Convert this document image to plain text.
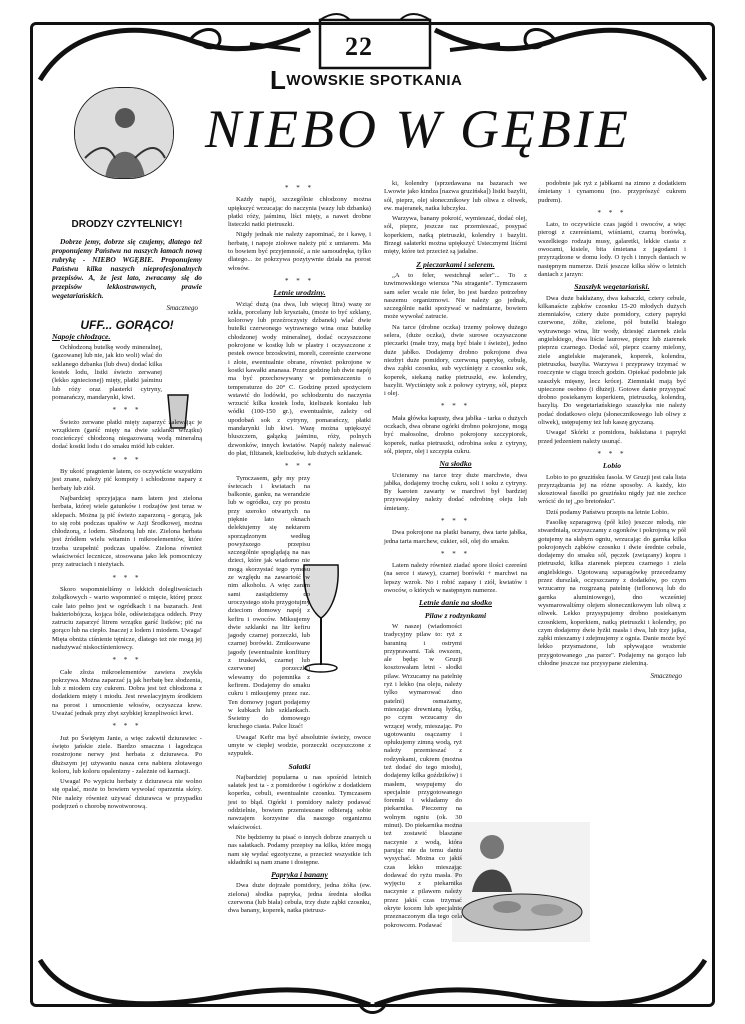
22
LWOWSKIE SPOTKANIA
NIEBO W GĘBIE
DRODZY CZYTELNICY!

Dobrze jemy, dobrze się czujemy, dlatego też proponujemy Państwu na naszych łamach nową rubrykę - NIEBO WGĘBIE. Proponujemy Państwu kilka naszych nieprofesjonalnych przepisów. A, że jest lato, zwracamy się do przepisów lekkostrawnych, prawie wegetariańskich.

Smacznego
UFF... GORĄCO!
Napoje chłodzące.

Ochłodzoną butelkę wody mineralnej, (gazowanej lub nie, jak kto woli) wlać do szklanego dzbanka (lub dwu) dodać kilka kostek lodu, listki świeżo zerwanej (lekko zgniecionej) mięty, płatki jaśminu lub róży oraz plasterki cytryny, pomarańczy, mandarynki, kiwi.

* * *

Świeżo zerwane płatki mięty zaparzyć zalewając je wrzątkiem (garść mięty na dwie szklanki wrzątku) rozcieńczyć chłodzoną niegazowaną wodą mineralną dodać kostki lodu i do smaku miód lub cukier.

* * *

By ukoić pragnienie latem, co oczywiście wszystkim jest znane, należy pić kompoty i schłodzone napary z herbaty lub ziół.

Najbardziej sprzyjająca nam latem jest zielona herbata, której wiele gatunków i rodzajów jest teraz w sklepach. Można ją pić świeżo zaparzoną - gorącą, jak to się robi podczas upałów w Azji Środkowej, można chłodzoną, z lodem. Słodzoną lub nie. Zielona herbata jest źródłem wielu witamin i mikroelementów, które trzeba uzupełnić podczas upałów. Zielona również właściwości lecznicze, stosowana jako lek pomocniczy przy zatruciach i nieżytach.

* * *

Skoro wspomnieliśmy o lekkich dolegliwościach żołądkowych - warto wspomnieć o mięcie, której przez całe lato pełno jest w ogródkach i na bazarach. Jest bakteriobójcza, kojąca bóle, odświeżająca oddech. Przy zatruciu zaparzyć litrem wrzątku garść listków; pić na gorąco lub na ciepło. Inaczej z lodem i miodem. Uwaga! Mięta obniża ciśnienie tętnicze, dlatego też nie mogą jej nadużywać niskociśnieniowcy.

* * *

Całe złoża mikroelementów zawiera zwykła pokrzywa. Można zaparzać ją jak herbatę bez słodzenia, lub z miodem czy cukrem. Dobra jest też chłodzona z dodatkiem mięty i miodu. Jest rewelacyjnym środkiem na porost i umocnienie włosów, oczyszcza krew. Uważać jednak przy zbyt szybkiej krzepliwości krwi.

* * *

Już po Świętym Janie, a więc zakwitł dziurawiec - święto jańskie ziele. Bardzo smaczna i łagodząca rozstrojone nerwy jest herbata z dziurawca. Po dłuższym jej używaniu nasza cera nabiera złotawego koloru, lub koloru opalenizny - zależnie od karnacji.

Uwaga! Po wypiciu herbaty z dziurawca nie wolno się opalać, może to bowiem wywołać oparzenia skóry. Nie należy również używać dziurawca w przypadku podejrzeń o chorobę nowotworową.

* * *

Każdy napój, szczególnie chłodzony można upiększyć wrzucając do naczynia (wazy lub dzbanka) płatki róży, jaśminu, liści mięty, a nawet drobne listeczki natki pietruszki.

Nigdy jednak nie należy zapominać, że i kawę, i herbatę, i napoje ziołowe należy pić z umiarem. Ma to bowiem być przyjemność, a nie samoudręka, tylko dlatego... że pokrzywa pozytywnie działa na porost włosów.

* * *
Letnie urodziny.

Wziąć dużą (na dwa, lub więcej litra) wazę ze szkła, porcelany lub kryształu, (może to być szklany, kolorowy lub przeźroczysty dzbanek) wlać dwie butelki czerwonego wytrawnego wina oraz butelkę chłodzonej wody mineralnej, dodać oczyszczone pokrojone w kostkę lub w plastry i oczyszczone z pestek owoce brzoskwini, moreli, czereśnie czerwone i złote, ewentualnie obrane, również pokrojone w kostki kawałki ananasa. Przez godzinę lub dwie napój ma być przechowywany w pomieszczeniu o temperaturze do 20° C. Godzinę przed spożyciem wstawić do lodówki, po schłodzeniu do naczynia wrzucić kilka kostek lodu, kieliszek koniaku lub wódki (100-150 gr.), ewentualnie, zależy od upodobań sok z cytryny, pomarańczy, płatki mandarynki lub kiwi. Wazę można upiększyć bluszczem, gałązką jaśminu, róży, polnych dzwonków, innych kwiatów. Napój należy nalewać do płat, filiżanek, kieliszków, lub dużych szklanek.

* * *

Tymczasem, gdy my przy świecach i kwiatach na balkonie, ganku, na werandzie lub w ogródku, czy po prostu przy szeroko otwartych na pięknie lato oknach delektujemy się nektarem sporządzonym według powyższego przepisu szczególnie spoglądają na nas dzieci, które jak wiadomo nie mogą skorzystać tego rymesu ze względu na zawartość w nim alkoholu. A więc zanim sami zasiądziemy do uroczystego stołu przygotujmy dzieciom domowy napój z kefiru i owoców. Miksujemy dwie szklanki na litr kefiru jagody czarnej porzeczki, lub czarnej borówki. Zmiksowane jagody (ewentualnie konfitury z truskawki, czarnej lub czerwonej porzeczki) wlewamy do pojemnika z kefirem. Dodajemy do smaku cukru i miksujemy przez raz. Ten domowy jogurt podajemy w kubkach lub szklankach. Świetny do domowego kruchego ciasta. Palce lizać!

Uwaga! Kefir ma być absolutnie świeży, owoce umyte w ciepłej wodzie, porzeczki oczyszczone z szypułek.

Sałatki

Najbardziej popularna u nas spośród letnich sałatek jest ta - z pomidorów i ogórków z dodatkiem koperku, cebuli, ewentualnie czosnku. Tymczasem jest to błąd. Ogórki i pomidory należy podawać oddzielnie, bowiem przemieszane odbierają sobie nawzajem korzystne dla naszego organizmu właściwości.

Nie będziemy tu pisać o innych dobrze znanych u nas sałatkach. Podamy przepisy na kilka, które mogą nam się wydać egzotyczne, a przecież wszystkie ich składniki są nam znane i dostępne.

Papryka i banany

Dwa duże dojrzałe pomidory, jedna żółta (ew. zielona) słodka papryka, jedna średnia słodka czerwona (lub biała) cebula, trzy duże ząbki czosnku, dwa banany, koperek, natka pietrusz-

ki, kolendry (sprzedawana na bazarach we Lwowie jako kindza [nazwa gruzińska]) listki bazylii, sól, pieprz, olej słonecznikowy lub oliwa z oliwek, ew. majeranek, natka lubczyku.

Warzywa, banany pokroić, wymieszać, dodać olej, sól, pieprz, jeszcze raz przemieszać, posypać koperkiem, natką pietruszki, kolendry i bazylii. Brzegi sałaterki można upiększyć Ustecznymi liśćmi mięty, które też przecież są jadalne.

Z pieczarkami i selerem.

„A to feler, westchnął seler"... To z tuwimowskiego wiersza "Na straganie". Tymczasem sam seler wcale nie feler, bo jest bardzo potrzebny naszemu organizmowi. Nie należy go jednak, szczególnie natki spożywać w nadmiarze, bowiem może wywołać zatrucie.

Na tarce (drobne oczka) trzemy połowę dużego selera, (duże oczka), dwie surowe oczyszczone pieczarki (małe trzy, mają być białe i świeże), jedno duże jabłko. Dodajemy drobno pokrojone dwa niezbyt duże pomidory, czerwoną paprykę, cebulę, dwa ząbki czosnku, sub wyciśnięty z czosnku sok, koperek, siekaną natkę pietruszki, ew. kolendry, bazylii. Wyciśnięty sok z połowy cytryny, sól, pieprz i olej.

* * *

Mała główka kapusty, dwa jabłka - tarka o dużych oczkach, dwa obrane ogórki drobno pokrojone, mogą być małosolne, drobno pokrojony szczypiorek, koperek, natka pietruszki, odrobina soku z cytryny, sól, pieprz, olej i szczypta cukru.

Na słodko

Ucieramy na tarce trzy duże marchwie, dwa jabłka, dodajemy trochę cukru, soli i soku z cytryny. By karoten zawarty w marchwi był bardziej przyswajalny należy dodać odrobinę oleju lub śmietany.

* * *

Dwa pokrojone na płatki banany, dwa tarte jabłka, jedna tarta marchew, cukier, sól, olej do smaku.

* * *

Latem należy również ziadać spore ilości czereśni (na serce i stawy), czarnej borówki + marchwi na lepszy wzrok. No i robić zapasy i ziół, kwiatów i owoców, o których w następnym numerze.

Letnie danie na słodko
Pilaw z rodzynkami

W naszej (wiadomości tradycyjny pilaw to: ryż z baraniną i ostrymi przyprawami. Tak owszem, ale będąc w Gruzji kosztowałam letni - słodki pilaw. Wrzucamy na patelnię ryż i lekko (na oleju, należy tylko wymarować dno patelni) osmażamy, mieszając drewnianą łyżką, po czym wrzucamy do wrzącej wody, mieszając. Po ugotowaniu osączamy i opłukujemy zimną wodą, ryż należy przemieszać z rodzynkami, cukrem (można też dodać do tego miodu), dodajemy kilka goździków) i masłem, wsypujemy do specjalnie przygotowanego foremki i wkładamy do piekarnika. Pieczemy na wolnym ogniu (ok. 30 minut). Do piekarnika można też zostawić blaszane naczynie z wodą, która parując nie da temu daniu wysychać. Można co jakiś czas lekko mieszając dodawać do ryżu masła. Po wyjęciu z piekarnika naczynie z pilawem należy przez jakiś czas trzymać okryte kocem lub specjalnie przeznaczonym dla tego cela pokrowcem. Podawać

podobnie jak ryż z jabłkami na zimno z dodatkiem śmietany i cynamonu (no. przyprószyć cukrem pudrem).

* * *

Lato, to oczywiście czas jagód i owoców, a więc pierogi z czereśniami, wiśniami, czarną borówką, wszelkiego rodzaju musy, galaretki, lekkie ciasta z owocami, kisiele, bita śmietana z jagodami i przyrządzone w domu lody. O tych i innych daniach w następnym numerze. Dziś jeszcze kilka słów o letnich daniach z jarzyn:

Szaszłyk wegetariański.

Dwa duże bakłażany, dwa kabaczki, cztery cebule, kilkanaście ząbków czosnku 15-20 młodych dużych ziemniaków, cztery duże pomidory, cztery papryki czerwone, żółte, zielone, pół butelki białego wytrawnego wina, litr wody, dziesięć ziarenek ziela angielskiego, dwa liście laurowe, pieprz lub ziarenek pieprzu czarnego. Dodać sól, pieprz czarny mielony, ziele angielskie majeranek, koperek, kolendra, pietruszka, bazylia. Warzywa i przyprawy trzymać w rozczynie w ciągu trzech godzin. Opiekać podobnie jak szaszłyk mięsny, lecz krócej. Ziemniaki mają być upieczone osobno (i dłużej). Gotowe danie przysypać drobno posiekanym koperkiem, pietruszką, kolendrą, bazylią. Do wegetariańskiego szaszłyka nie należy podać dodatkowo oleju (słonecznikowego lub oliwy z oliwek), ustępujemy też lub kaszę gryczaną.

Uwaga! Skórki z pomidora, bakłażana i papryki przed jedzeniem należy usunąć.

* * *
Lobio

Lobio to po gruzińsku fasola. W Gruzji jest cała lista przyrządzania jej na różne sposoby. A każdy, kto skosztował fasolki po gruzińsku nigdy już nie zechce wrócić do tej „po bretońsku".

Dziś podamy Państwu przepis na letnie Lobio.

Fasolkę szparagową (pół kilo) jeszcze młodą, nie stwardniałą, oczyszczamy z ogonków i pokrojoną w pół gotujemy na słabym ogniu, wrzucając do garnka kilka pokrojonych ząbków czosnku i dwie średnie cebule, dodajemy do smaku sól, pęczek (związany) kopru i pietruszki, kilka ziarenek pieprzu czarnego i ziela angielskiego. Ugotowaną szparagówkę przecedzamy przez durszlak, oczyszczamy z dodatków, po czym wrzucamy na rozgrzaną patelnię (teflonową lub do garnka aluminiowego), dno wcześniej wysmarowaliśmy olejem słonecznikowym lub oliwą z oliwek. Lekko przysypujemy drobno posiekanym czosnkiem, koperkiem, natką pietruszki i kolendry, po czym dodajemy dwie łyżki masła i dwa, lub trzy jajka, ząbki mieszamy i zdejmujemy z ognia. Danie może być lekko przysmażone, lub spływające wrażenie przygotowanego „na parze". Podajemy na gorąco lub chłodne jeszcze raz przysypane zieleniną.

Smacznego
